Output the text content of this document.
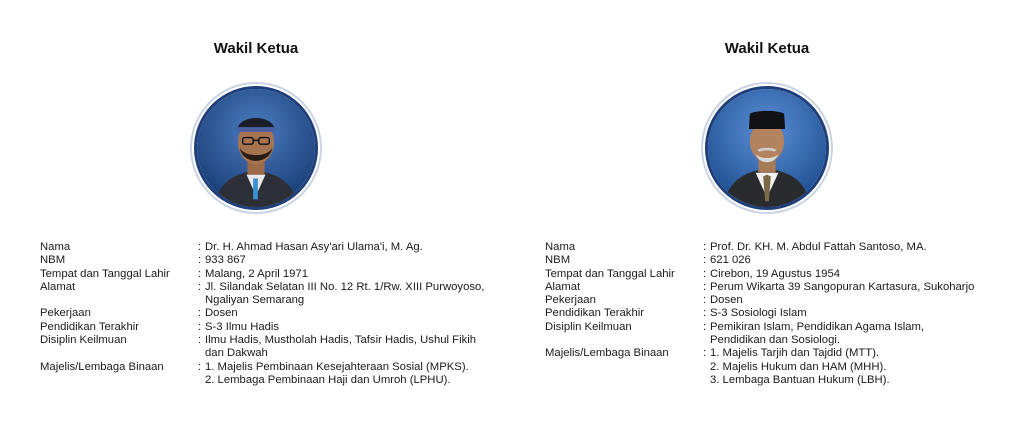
Wakil Ketua
Nama	: Dr. H. Ahmad Hasan Asy'ari Ulama'i, M. Ag.
NBM	: 933 867
Tempat dan Tanggal Lahir	: Malang, 2 April 1971
Alamat	: Jl. Silandak Selatan III No. 12 Rt. 1/Rw. XIII Purwoyoso,
Ngaliyan Semarang
Pekerjaan	: Dosen
Pendidikan Terakhir	: S-3 Ilmu Hadis
Disiplin Keilmuan	: Ilmu Hadis, Mustholah Hadis, Tafsir Hadis, Ushul Fikih
dan Dakwah
Majelis/Lembaga Binaan	: 1. Majelis Pembinaan Kesejahteraan Sosial (MPKS).
2. Lembaga Pembinaan Haji dan Umroh (LPHU).
Wakil Ketua
Nama	: Prof. Dr. KH. M. Abdul Fattah Santoso, MA.
NBM	: 621 026
Tempat dan Tanggal Lahir	: Cirebon, 19 Agustus 1954
Alamat	: Perum Wikarta 39 Sangopuran Kartasura, Sukoharjo
Pekerjaan	: Dosen
Pendidikan Terakhir	: S-3 Sosiologi Islam
Disiplin Keilmuan	: Pemikiran Islam, Pendidikan Agama Islam,
Pendidikan dan Sosiologi.
Majelis/Lembaga Binaan	: 1. Majelis Tarjih dan Tajdid (MTT).
2. Majelis Hukum dan HAM (MHH).
3. Lembaga Bantuan Hukum (LBH).
